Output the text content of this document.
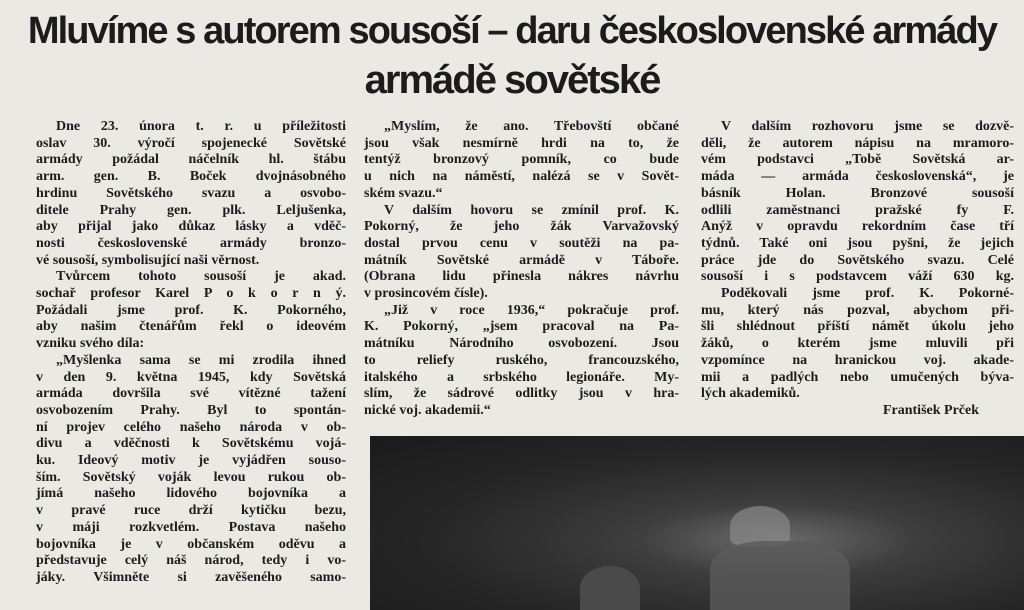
Mluvíme s autorem sousoší – daru československé armády
armádě sovětské
Dne 23. února t. r. u příležitosti
oslav 30. výročí spojenecké Sovětské
armády požádal náčelník hl. štábu
arm. gen. B. Boček dvojnásobného
hrdinu Sovětského svazu a osvobo-
ditele Prahy gen. plk. Leljušenka,
aby přijal jako důkaz lásky a vděč-
nosti československé armády bronzo-
vé sousoší, symbolisující naši věrnost.
Tvůrcem tohoto sousoší je akad.
sochař profesor Karel P o k o r n ý.
Požádali jsme prof. K. Pokorného,
aby našim čtenářům řekl o ideovém
vzniku svého díla:
„Myšlenka sama se mi zrodila ihned
v den 9. května 1945, kdy Sovětská
armáda dovršila své vítězné tažení
osvobozením Prahy. Byl to spontán-
ní projev celého našeho národa v ob-
divu a vděčnosti k Sovětskému vojá-
ku. Ideový motiv je vyjádřen souso-
ším. Sovětský voják levou rukou ob-
jímá našeho lidového bojovníka a
v pravé ruce drží kytičku bezu,
v máji rozkvetlém. Postava našeho
bojovníka je v občanském oděvu a
představuje celý náš národ, tedy i vo-
jáky. Všimněte si zavěšeného samo-
„Myslím, že ano. Třebovští občané
jsou však nesmírně hrdi na to, že
tentýž bronzový pomník, co bude
u nich na náměstí, nalézá se v Sovět-
ském svazu.“
V dalším hovoru se zmínil prof. K.
Pokorný, že jeho žák Varvažovský
dostal prvou cenu v soutěži na pa-
mátník Sovětské armádě v Táboře.
(Obrana lidu přinesla nákres návrhu
v prosincovém čísle).
„Již v roce 1936,“ pokračuje prof.
K. Pokorný, „jsem pracoval na Pa-
mátníku Národního osvobození. Jsou
to reliefy ruského, francouzského,
italského a srbského legionáře. My-
slím, že sádrové odlitky jsou v hra-
nické voj. akademii.“
V dalším rozhovoru jsme se dozvě-
děli, že autorem nápisu na mramoro-
vém podstavci „Tobě Sovětská ar-
máda — armáda československá“, je
básník Holan. Bronzové sousoší
odlili zaměstnanci pražské fy F.
Anýž v opravdu rekordním čase tří
týdnů. Také oni jsou pyšni, že jejich
práce jde do Sovětského svazu. Celé
sousoší i s podstavcem váží 630 kg.
Poděkovali jsme prof. K. Pokorné-
mu, který nás pozval, abychom při-
šli shlédnout příští námět úkolu jeho
žáků, o kterém jsme mluvili při
vzpomínce na hranickou voj. akade-
mii a padlých nebo umučených býva-
lých akademiků.
František Prček
